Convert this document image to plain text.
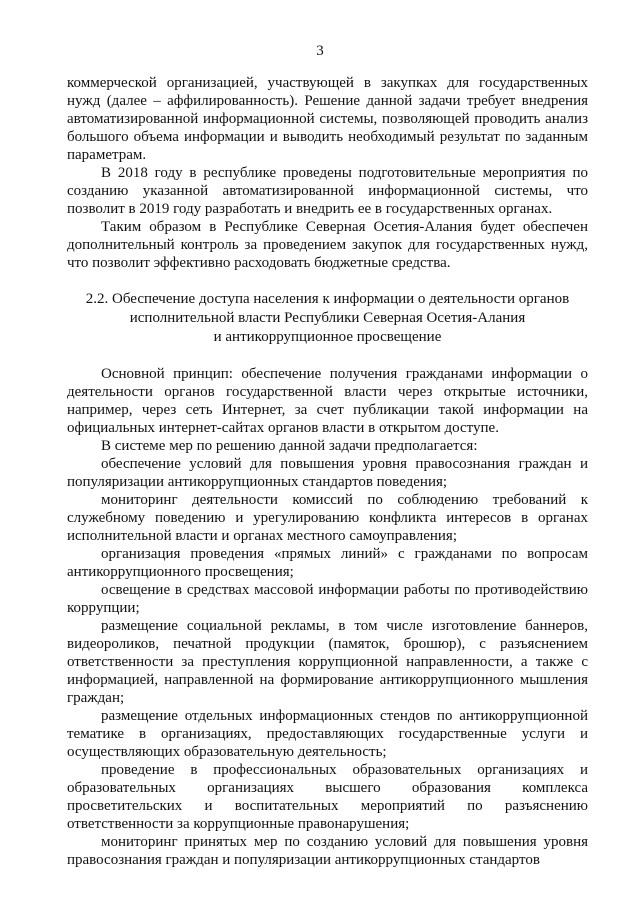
3

коммерческой организацией, участвующей в закупках для государственных нужд (далее – аффилированность). Решение данной задачи требует внедрения автоматизированной информационной системы, позволяющей проводить анализ большого объема информации и выводить необходимый результат по заданным параметрам.

В 2018 году в республике проведены подготовительные мероприятия по созданию указанной автоматизированной информационной системы, что позволит в 2019 году разработать и внедрить ее в государственных органах.

Таким образом в Республике Северная Осетия-Алания будет обеспечен дополнительный контроль за проведением закупок для государственных нужд, что позволит эффективно расходовать бюджетные средства.

2.2. Обеспечение доступа населения к информации о деятельности органов
исполнительной власти Республики Северная Осетия-Алания
и антикоррупционное просвещение

Основной принцип: обеспечение получения гражданами информации о деятельности органов государственной власти через открытые источники, например, через сеть Интернет, за счет публикации такой информации на официальных интернет-сайтах органов власти в открытом доступе.

В системе мер по решению данной задачи предполагается:

обеспечение условий для повышения уровня правосознания граждан и популяризации антикоррупционных стандартов поведения;

мониторинг деятельности комиссий по соблюдению требований к служебному поведению и урегулированию конфликта интересов в органах исполнительной власти и органах местного самоуправления;

организация проведения «прямых линий» с гражданами по вопросам антикоррупционного просвещения;

освещение в средствах массовой информации работы по противодействию коррупции;

размещение социальной рекламы, в том числе изготовление баннеров, видеороликов, печатной продукции (памяток, брошюр), с разъяснением ответственности за преступления коррупционной направленности, а также с информацией, направленной на формирование антикоррупционного мышления граждан;

размещение отдельных информационных стендов по антикоррупционной тематике в организациях, предоставляющих государственные услуги и осуществляющих образовательную деятельность;

проведение в профессиональных образовательных организациях и образовательных организациях высшего образования комплекса просветительских и воспитательных мероприятий по разъяснению ответственности за коррупционные правонарушения;

мониторинг принятых мер по созданию условий для повышения уровня правосознания граждан и популяризации антикоррупционных стандартов
